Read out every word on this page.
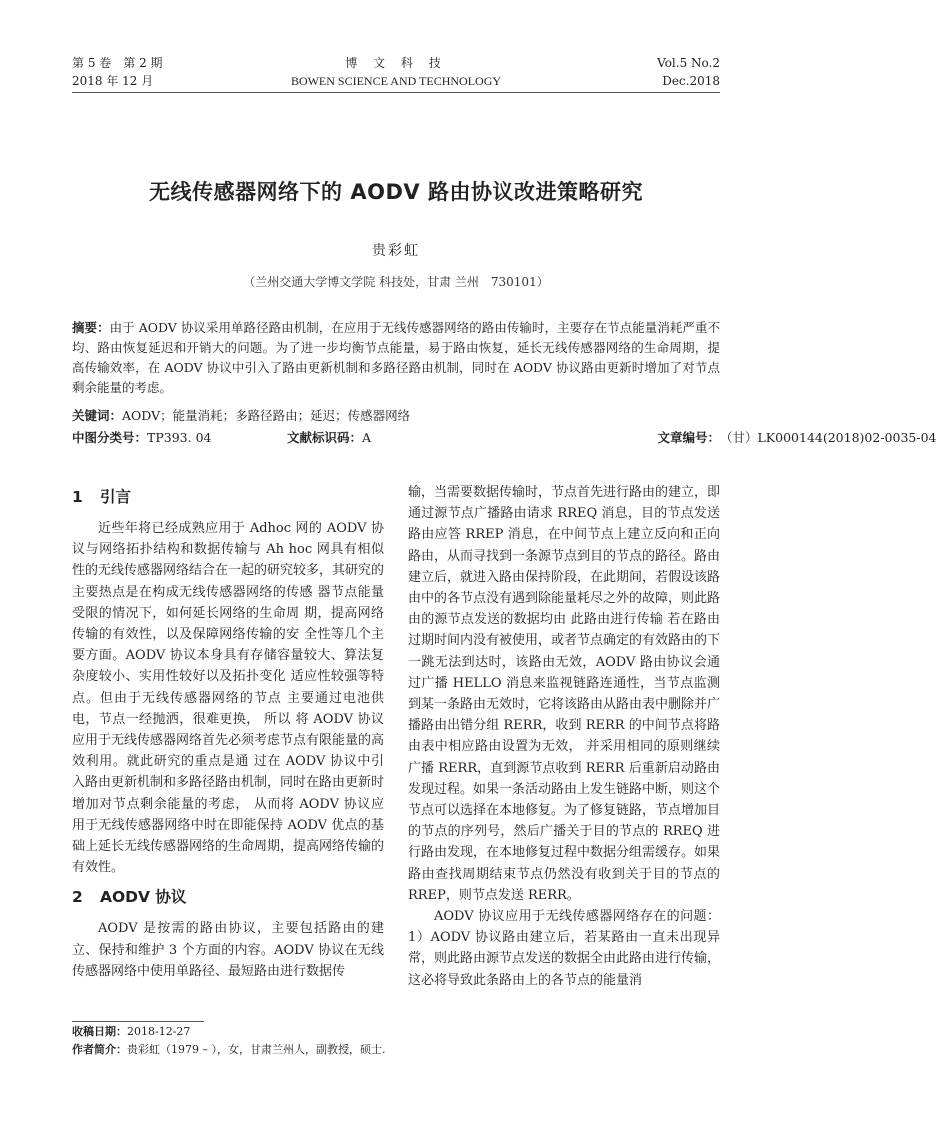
第 5 卷　第 2 期
2018 年 12 月
博 文 科 技
BOWEN SCIENCE AND TECHNOLOGY
Vol.5 No.2
Dec.2018
无线传感器网络下的 AODV 路由协议改进策略研究
贵彩虹
（兰州交通大学博文学院 科技处，甘肃 兰州　730101）
摘要：由于 AODV 协议采用单路径路由机制，在应用于无线传感器网络的路由传输时，主要存在节点能量消耗严重不均、路由恢复延迟和开销大的问题。为了进一步均衡节点能量，易于路由恢复，延长无线传感器网络的生命周期，提高传输效率，在 AODV 协议中引入了路由更新机制和多路径路由机制，同时在 AODV 协议路由更新时增加了对节点剩余能量的考虑。
关键词：AODV；能量消耗；多路径路由；延迟；传感器网络
中图分类号： TP393. 04	文献标识码： A	文章编号： （甘）LK000144(2018)02-0035-04
1 引言

近些年将已经成熟应用于 Adhoc 网的 AODV 协议与网络拓扑结构和数据传输与 Ah hoc 网具有相似性的无线传感器网络结合在一起的研究较多，其研究的主要热点是在构成无线传感器网络的传感 器节点能量受限的情况下，如何延长网络的生命周 期，提高网络传输的有效性，以及保障网络传输的安 全性等几个主要方面。AODV 协议本身具有存储容量较大、算法复杂度较小、实用性较好以及拓扑变化 适应性较强等特点。但由于无线传感器网络的节点 主要通过电池供电，节点一经抛洒，很难更换， 所以 将 AODV 协议应用于无线传感器网络首先必须考虑节点有限能量的高效利用。就此研究的重点是通 过在 AODV 协议中引入路由更新机制和多路径路由机制，同时在路由更新时增加对节点剩余能量的考虑， 从而将 AODV 协议应用于无线传感器网络中时在即能保持 AODV 优点的基础上延长无线传感器网络的生命周期，提高网络传输的有效性。

2 AODV 协议

AODV 是按需的路由协议，主要包括路由的建立、保持和维护 3 个方面的内容。AODV 协议在无线传感器网络中使用单路径、最短路由进行数据传

输，当需要数据传输时，节点首先进行路由的建立，即通过源节点广播路由请求 RREQ 消息，目的节点发送路由应答 RREP 消息，在中间节点上建立反向和正向路由，从而寻找到一条源节点到目的节点的路径。路由建立后，就进入路由保持阶段，在此期间，若假设该路由中的各节点没有遇到除能量耗尽之外的故障，则此路由的源节点发送的数据均由 此路由进行传输 若在路由过期时间内没有被使用，或者节点确定的有效路由的下一跳无法到达时，该路由无效，AODV 路由协议会通过广播 HELLO 消息来监视链路连通性，当节点监测到某一条路由无效时，它将该路由从路由表中删除并广播路由出错分组 RERR，收到 RERR 的中间节点将路由表中相应路由设置为无效， 并采用相同的原则继续广播 RERR，直到源节点收到 RERR 后重新启动路由发现过程。如果一条活动路由上发生链路中断，则这个节点可以选择在本地修复。为了修复链路，节点增加目的节点的序列号，然后广播关于目的节点的 RREQ 进行路由发现，在本地修复过程中数据分组需缓存。如果路由查找周期结束节点仍然没有收到关于目的节点的 RREP，则节点发送 RERR。

AODV 协议应用于无线传感器网络存在的问题：1）AODV 协议路由建立后，若某路由一直未出现异常，则此路由源节点发送的数据全由此路由进行传输，这必将导致此条路由上的各节点的能量消

收稿日期：2018-12-27
作者简介：贵彩虹（1979 – ），女，甘肃兰州人，副教授，硕士.
